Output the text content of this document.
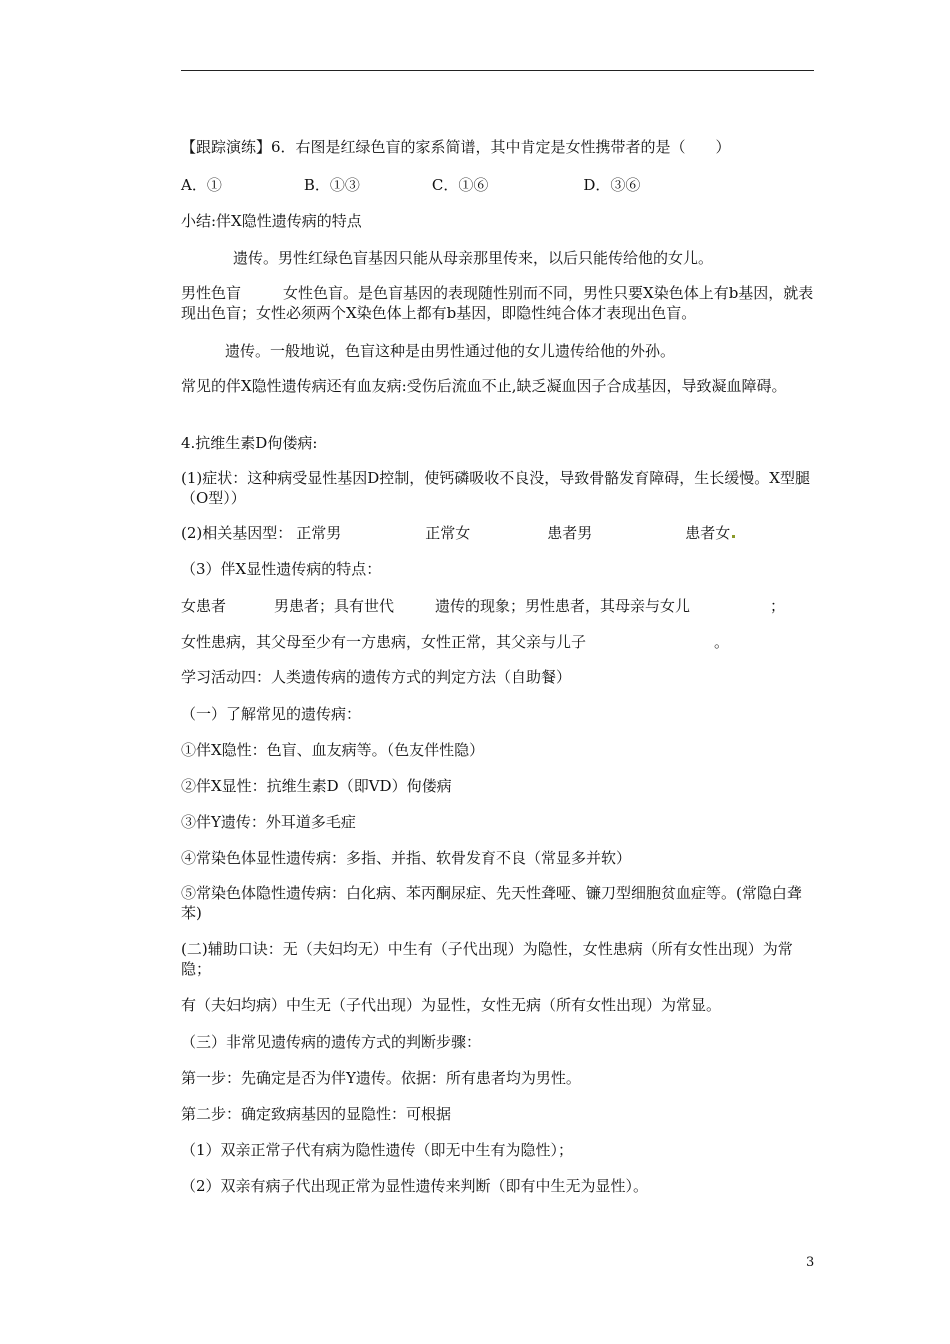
【跟踪演练】6．右图是红绿色盲的家系简谱，其中肯定是女性携带者的是（　　）
A．①	B．①③	C．①⑥	D．③⑥
小结:伴X隐性遗传病的特点
遗传。男性红绿色盲基因只能从母亲那里传来，以后只能传给他的女儿。
男性色盲	女性色盲。是色盲基因的表现随性别而不同，男性只要X染色体上有b基因，就表现出色盲；女性必须两个X染色体上都有b基因，即隐性纯合体才表现出色盲。
遗传。一般地说，色盲这种是由男性通过他的女儿遗传给他的外孙。
常见的伴X隐性遗传病还有血友病:受伤后流血不止,缺乏凝血因子合成基因，导致凝血障碍。
4.抗维生素D佝偻病:
(1)症状：这种病受显性基因D控制，使钙磷吸收不良没，导致骨骼发育障碍，生长缓慢。X型腿（O型））
(2)相关基因型： 正常男	正常女	患者男	患者女
（3）伴X显性遗传病的特点：
女患者	男患者；具有世代	遗传的现象；男性患者，其母亲与女儿	；
女性患病，其父母至少有一方患病，女性正常，其父亲与儿子	。
学习活动四：人类遗传病的遗传方式的判定方法（自助餐）
（一）了解常见的遗传病：
①伴X隐性：色盲、血友病等。（色友伴性隐）
②伴X显性：抗维生素D（即VD）佝偻病
③伴Y遗传：外耳道多毛症
④常染色体显性遗传病：多指、并指、软骨发育不良（常显多并软）
⑤常染色体隐性遗传病：白化病、苯丙酮尿症、先天性聋哑、镰刀型细胞贫血症等。(常隐白聋苯)
(二)辅助口诀：无（夫妇均无）中生有（子代出现）为隐性，女性患病（所有女性出现）为常隐；
有（夫妇均病）中生无（子代出现）为显性，女性无病（所有女性出现）为常显。
（三）非常见遗传病的遗传方式的判断步骤：
第一步：先确定是否为伴Y遗传。依据：所有患者均为男性。
第二步：确定致病基因的显隐性：可根据
（1）双亲正常子代有病为隐性遗传（即无中生有为隐性）；
（2）双亲有病子代出现正常为显性遗传来判断（即有中生无为显性）。
3
